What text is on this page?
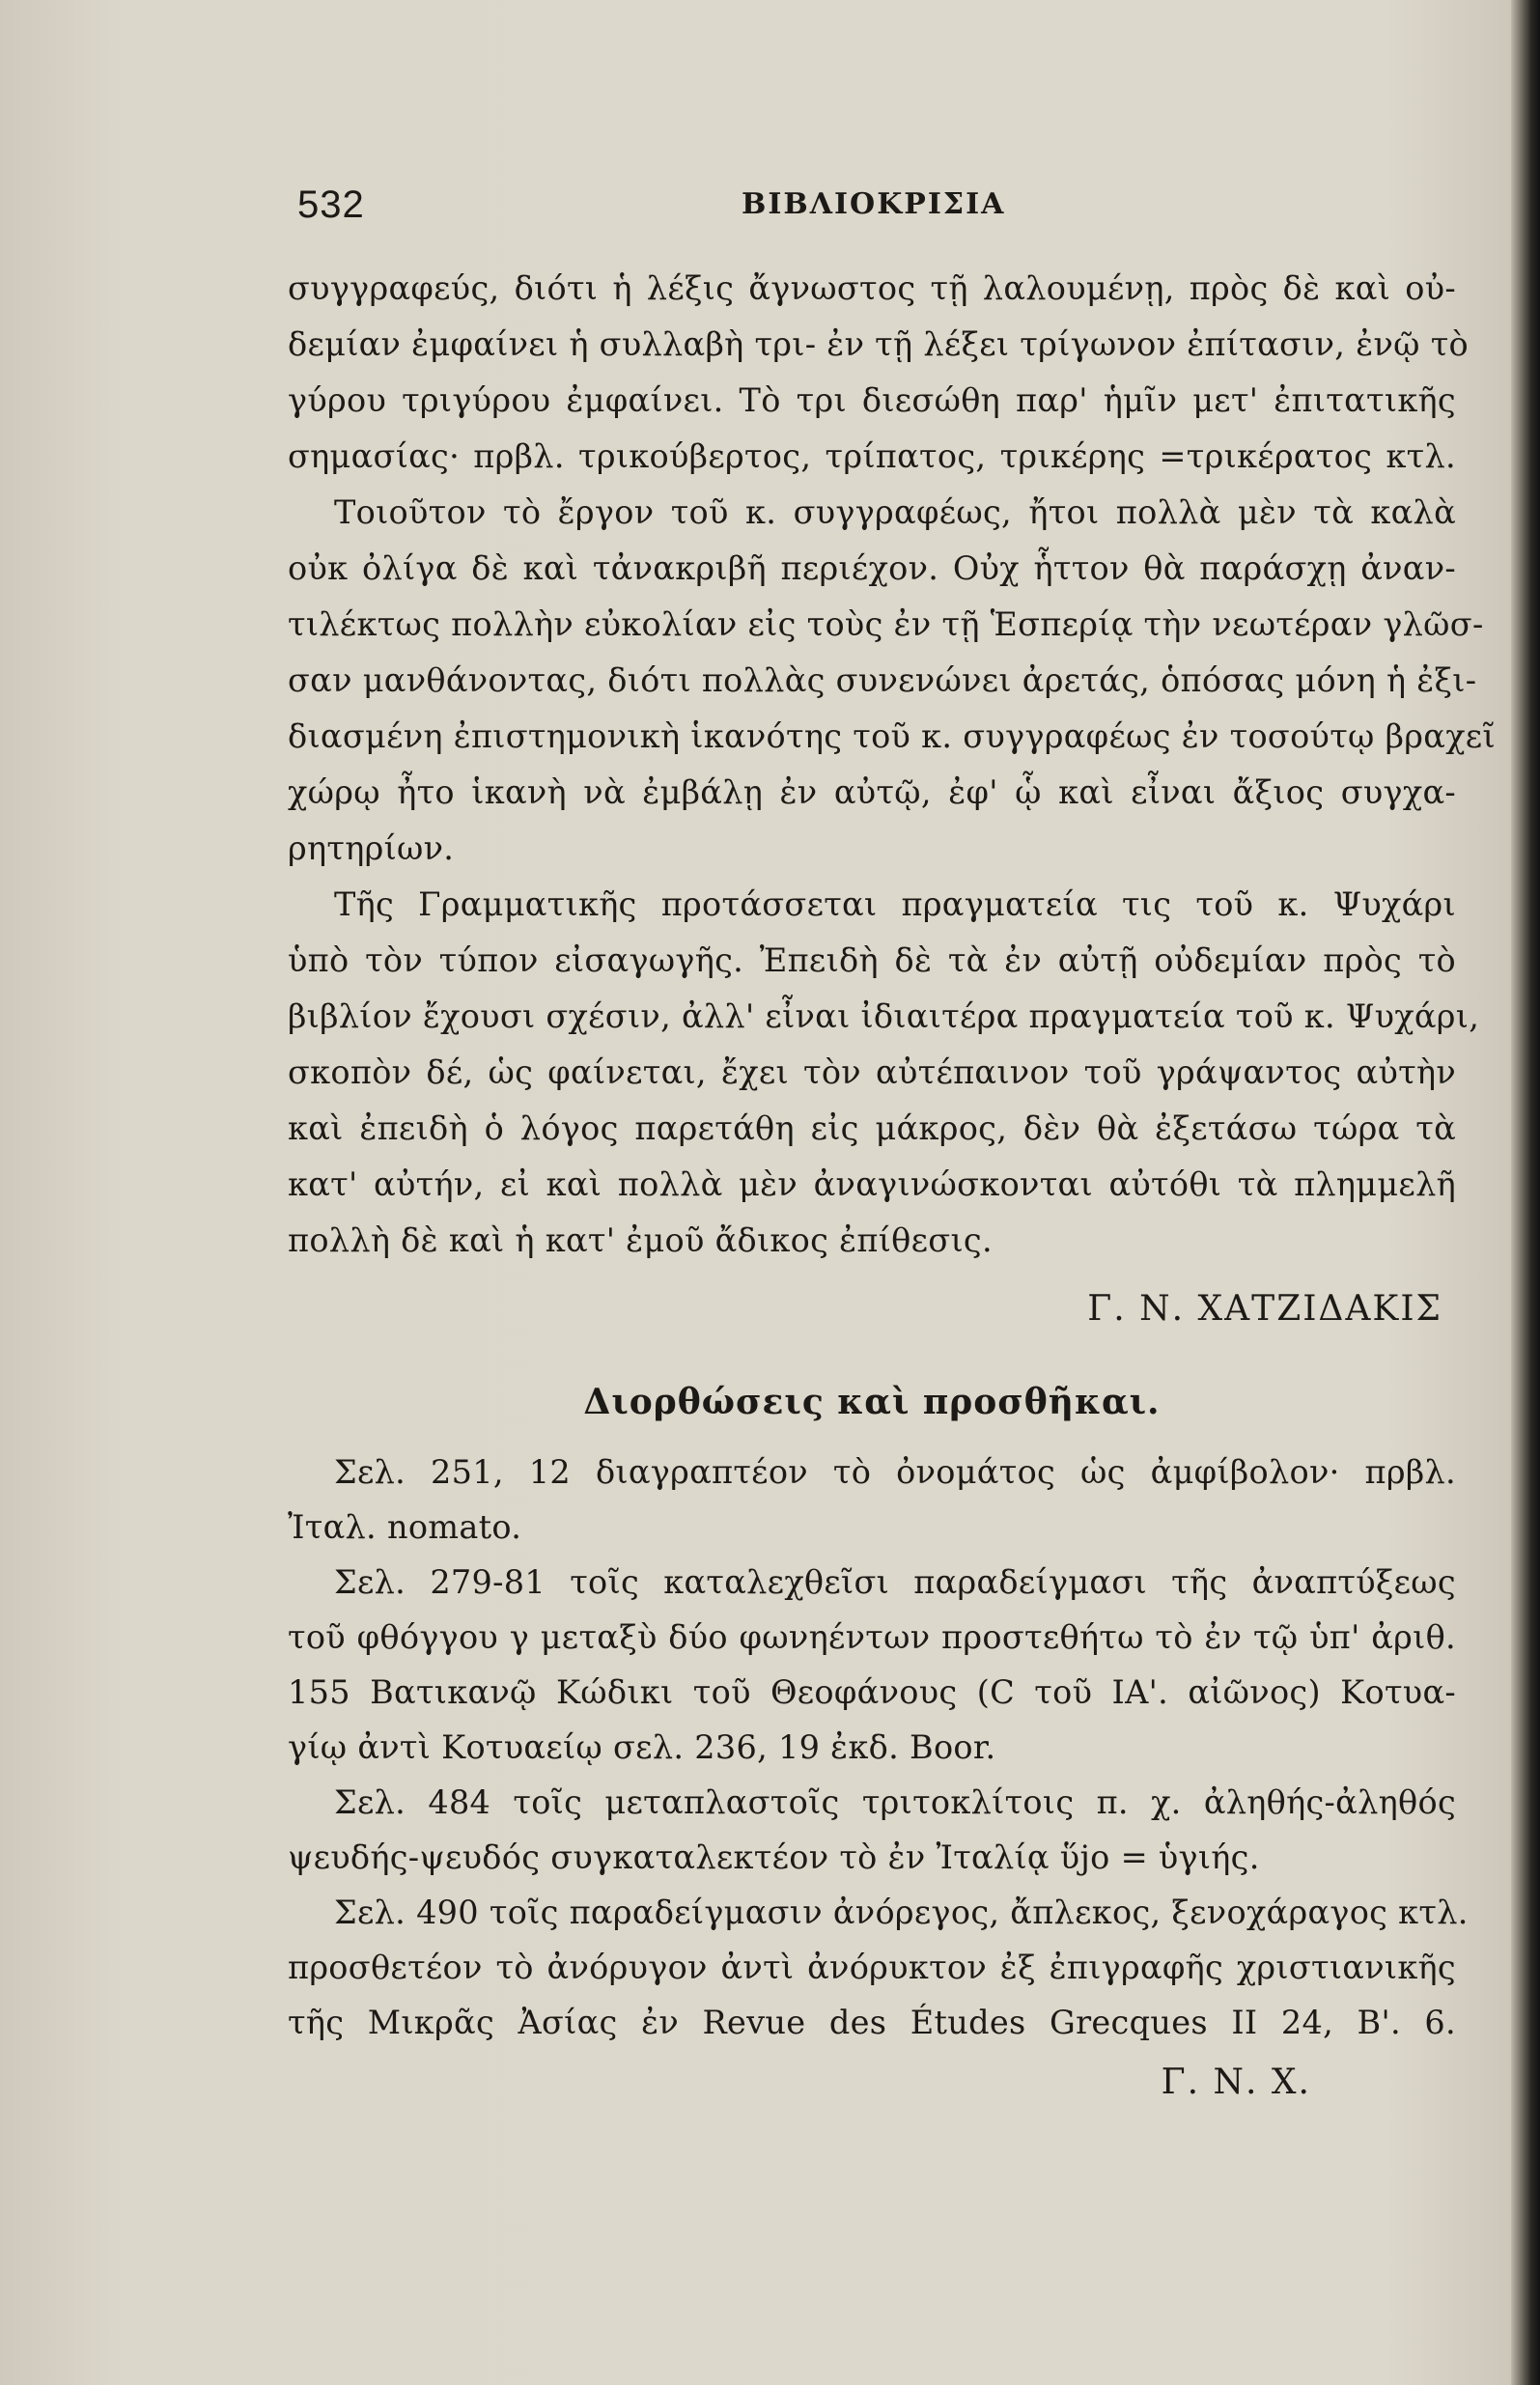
532	ΒΙΒΛΙΟΚΡΙΣΙΑ
συγγραφεύς, διότι ἡ λέξις ἄγνωστος τῇ λαλουμένῃ, πρὸς δὲ καὶ οὐ-
δεμίαν ἐμφαίνει ἡ συλλαβὴ τρι- ἐν τῇ λέξει τρίγωνον ἐπίτασιν, ἐνῷ τὸ
γύρου τριγύρου ἐμφαίνει. Τὸ τρι διεσώθη παρ' ἡμῖν μετ' ἐπιτατικῆς
σημασίας· πρβλ. τρικούβερτος, τρίπατος, τρικέρης =τρικέρατος κτλ.
Τοιοῦτον τὸ ἔργον τοῦ κ. συγγραφέως, ἤτοι πολλὰ μὲν τὰ καλὰ
οὐκ ὀλίγα δὲ καὶ τἀνακριβῆ περιέχον. Οὐχ ἧττον θὰ παράσχῃ ἀναν-
τιλέκτως πολλὴν εὐκολίαν εἰς τοὺς ἐν τῇ Ἑσπερίᾳ τὴν νεωτέραν γλῶσ-
σαν μανθάνοντας, διότι πολλὰς συνενώνει ἀρετάς, ὁπόσας μόνη ἡ ἐξι-
διασμένη ἐπιστημονικὴ ἱκανότης τοῦ κ. συγγραφέως ἐν τοσούτῳ βραχεῖ
χώρῳ ἦτο ἱκανὴ νὰ ἐμβάλῃ ἐν αὐτῷ, ἐφ' ᾧ καὶ εἶναι ἄξιος συγχα-
ρητηρίων.
Τῆς Γραμματικῆς προτάσσεται πραγματεία τις τοῦ κ. Ψυχάρι
ὑπὸ τὸν τύπον εἰσαγωγῆς. Ἐπειδὴ δὲ τὰ ἐν αὐτῇ οὐδεμίαν πρὸς τὸ
βιβλίον ἔχουσι σχέσιν, ἀλλ' εἶναι ἰδιαιτέρα πραγματεία τοῦ κ. Ψυχάρι,
σκοπὸν δέ, ὡς φαίνεται, ἔχει τὸν αὐτέπαινον τοῦ γράψαντος αὐτὴν
καὶ ἐπειδὴ ὁ λόγος παρετάθη εἰς μάκρος, δὲν θὰ ἐξετάσω τώρα τὰ
κατ' αὐτήν, εἰ καὶ πολλὰ μὲν ἀναγινώσκονται αὐτόθι τὰ πλημμελῆ
πολλὴ δὲ καὶ ἡ κατ' ἐμοῦ ἄδικος ἐπίθεσις.
Γ. Ν. ΧΑΤΖΙΔΑΚΙΣ
Διορθώσεις καὶ προσθῆκαι.
Σελ. 251, 12 διαγραπτέον τὸ ὀνομάτος ὡς ἀμφίβολον· πρβλ.
Ἰταλ. nomato.
Σελ. 279-81 τοῖς καταλεχθεῖσι παραδείγμασι τῆς ἀναπτύξεως
τοῦ φθόγγου γ μεταξὺ δύο φωνηέντων προστεθήτω τὸ ἐν τῷ ὑπ' ἀριθ.
155 Βατικανῷ Κώδικι τοῦ Θεοφάνους (C τοῦ ΙΑ'. αἰῶνος) Κοτυα-
γίῳ ἀντὶ Κοτυαείῳ σελ. 236, 19 ἐκδ. Boor.
Σελ. 484 τοῖς μεταπλαστοῖς τριτοκλίτοις π. χ. ἀληθής-ἀληθός
ψευδής-ψευδός συγκαταλεκτέον τὸ ἐν Ἰταλίᾳ ὕjo = ὑγιής.
Σελ. 490 τοῖς παραδείγμασιν ἀνόρεγος, ἄπλεκος, ξενοχάραγος κτλ.
προσθετέον τὸ ἀνόρυγον ἀντὶ ἀνόρυκτον ἐξ ἐπιγραφῆς χριστιανικῆς
τῆς Μικρᾶς Ἀσίας ἐν Revue des Études Grecques II 24, B'. 6.
Γ. Ν. Χ.
